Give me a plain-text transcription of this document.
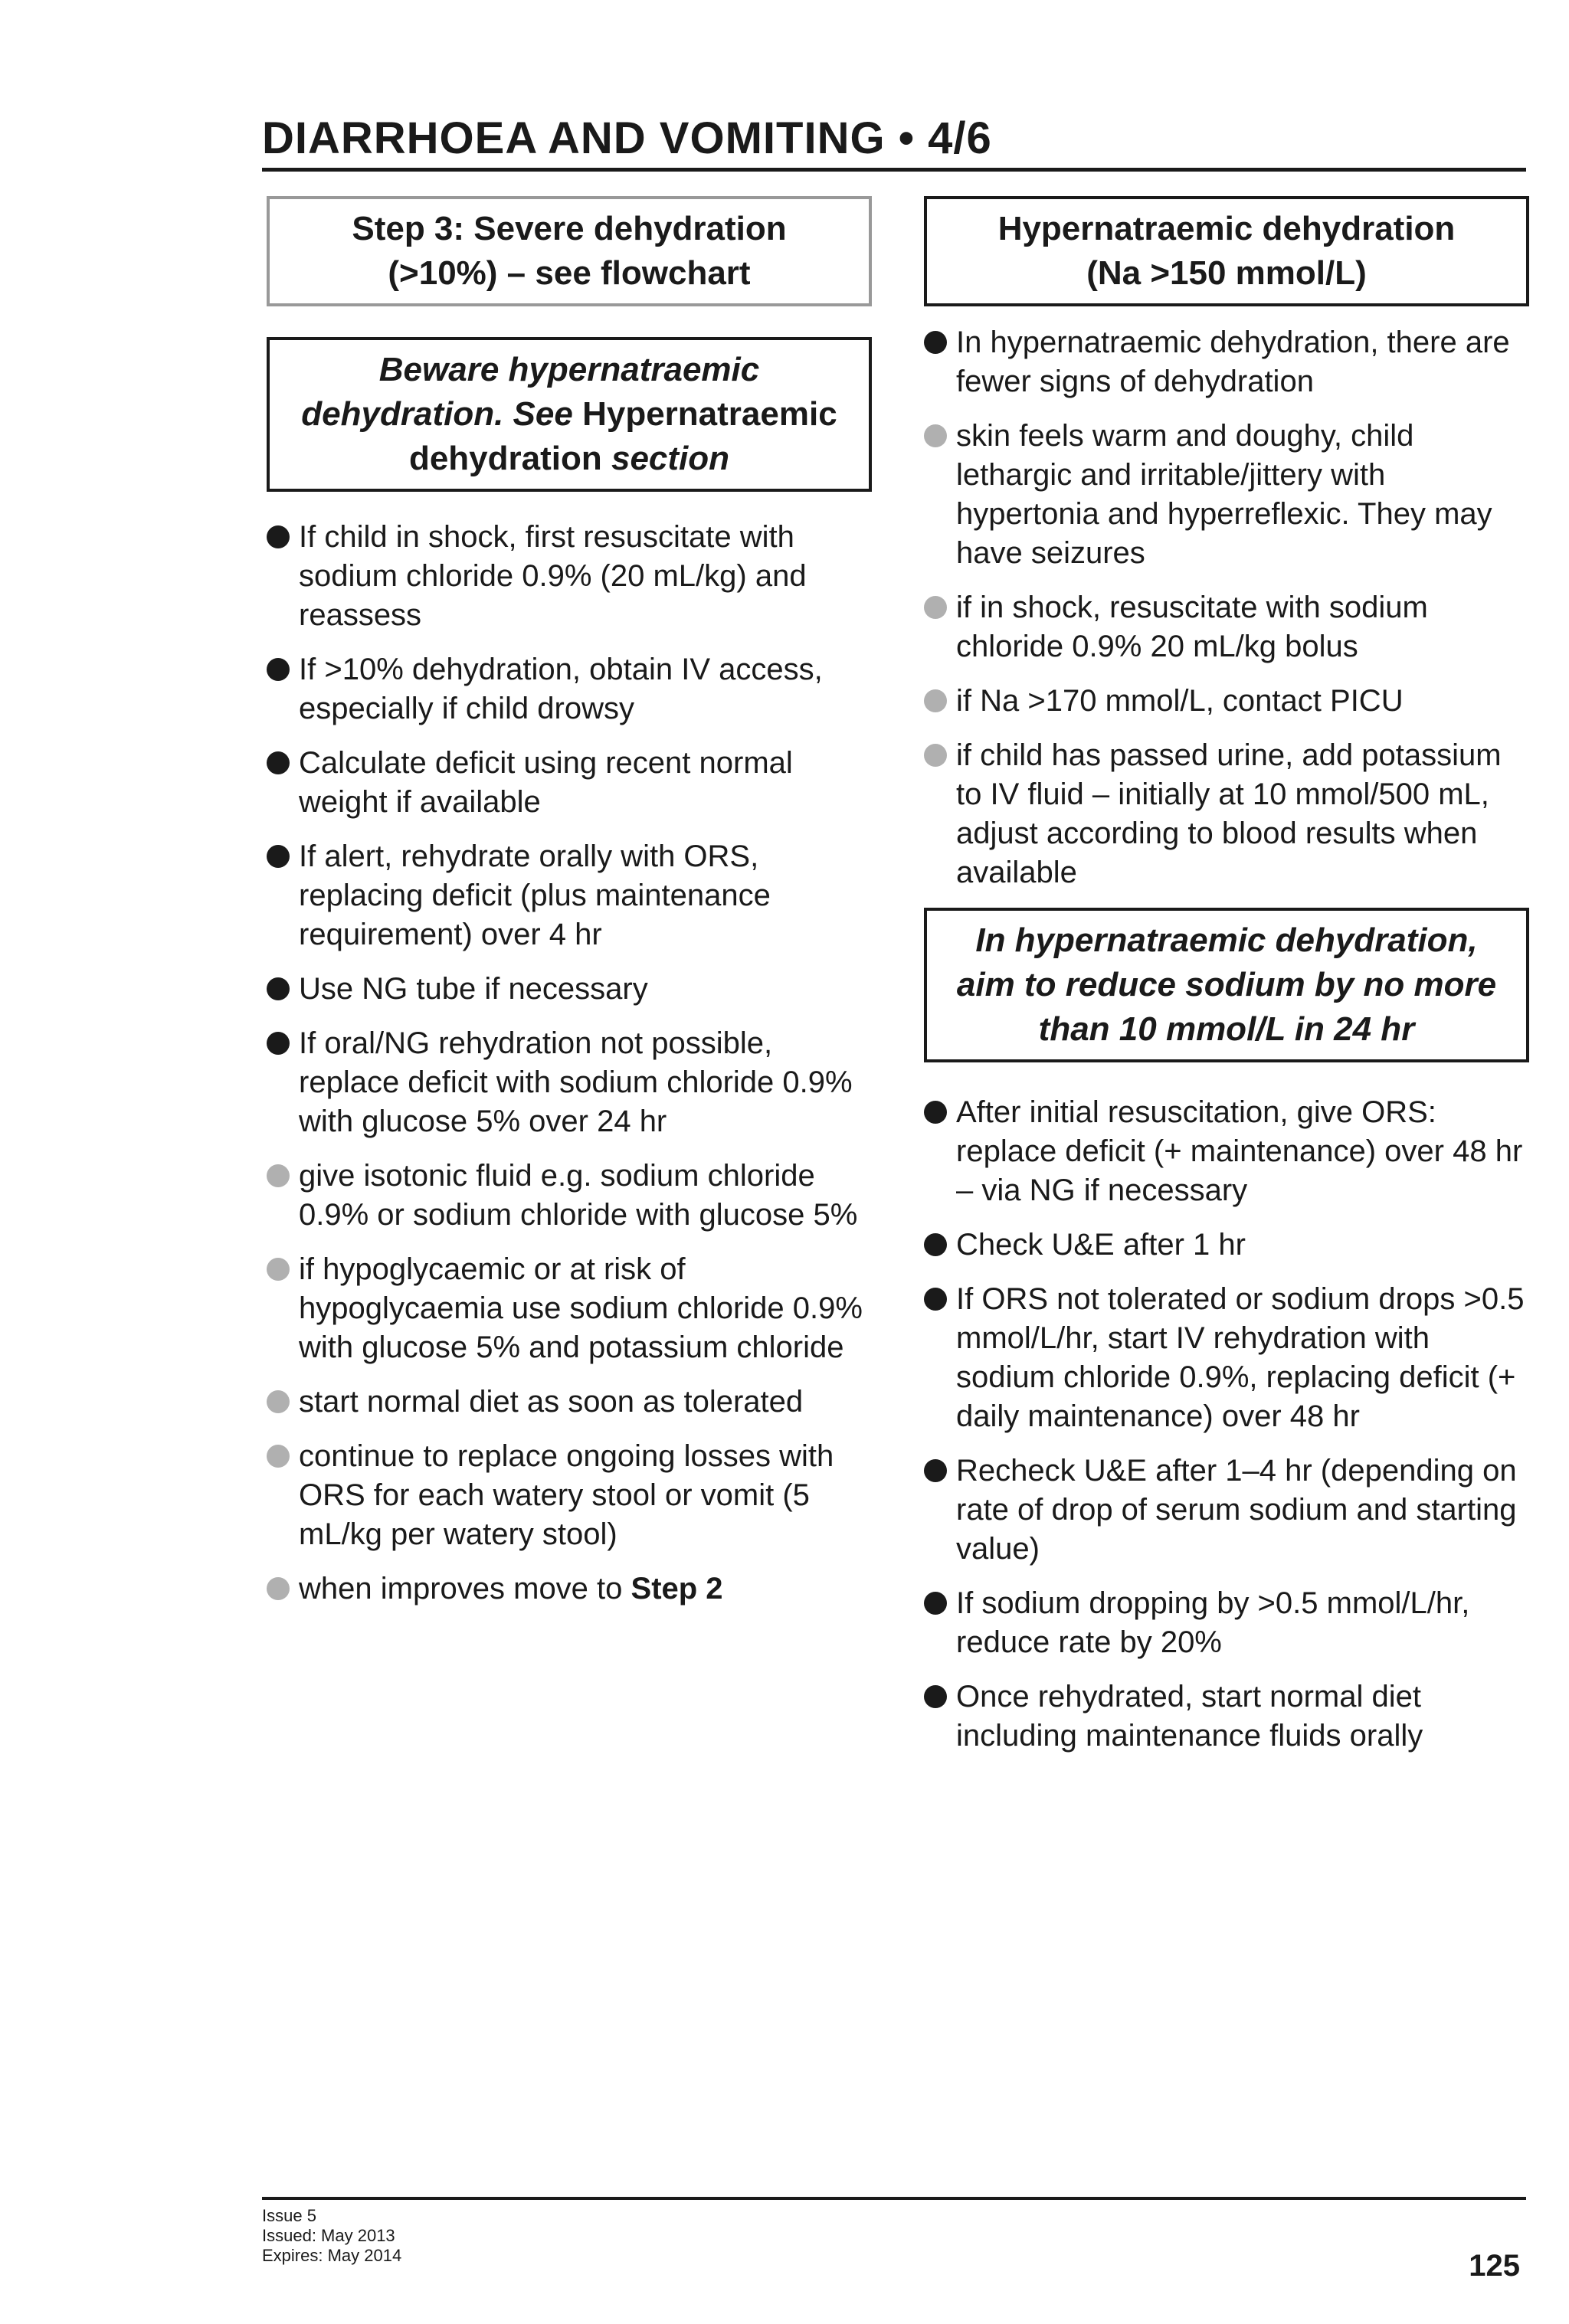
DIARRHOEA AND VOMITING • 4/6
Step 3: Severe dehydration
(>10%) – see flowchart
Beware hypernatraemic
dehydration. See Hypernatraemic
dehydration section
If child in shock, first resuscitate with sodium chloride 0.9% (20 mL/kg) and reassess
If >10% dehydration, obtain IV access, especially if child drowsy
Calculate deficit using recent normal weight if available
If alert, rehydrate orally with ORS, replacing deficit (plus maintenance requirement) over 4 hr
Use NG tube if necessary
If oral/NG rehydration not possible, replace deficit with sodium chloride 0.9% with glucose 5% over 24 hr
give isotonic fluid e.g. sodium chloride 0.9% or sodium chloride with glucose 5%
if hypoglycaemic or at risk of hypoglycaemia use sodium chloride 0.9% with glucose 5% and potassium chloride
start normal diet as soon as tolerated
continue to replace ongoing losses with ORS for each watery stool or vomit (5 mL/kg per watery stool)
when improves move to Step 2
Hypernatraemic dehydration
(Na >150 mmol/L)
In hypernatraemic dehydration, there are fewer signs of dehydration
skin feels warm and doughy, child lethargic and irritable/jittery with hypertonia and hyperreflexic. They may have seizures
if in shock, resuscitate with sodium chloride 0.9% 20 mL/kg bolus
if Na >170 mmol/L, contact PICU
if child has passed urine, add potassium to IV fluid – initially at 10 mmol/500 mL, adjust according to blood results when available
In hypernatraemic dehydration,
aim to reduce sodium by no more
than 10 mmol/L in 24 hr
After initial resuscitation, give ORS: replace deficit (+ maintenance) over 48 hr – via NG if necessary
Check U&E after 1 hr
If ORS not tolerated or sodium drops >0.5 mmol/L/hr, start IV rehydration with sodium chloride 0.9%, replacing deficit (+ daily maintenance) over 48 hr
Recheck U&E after 1–4 hr (depending on rate of drop of serum sodium and starting value)
If sodium dropping by >0.5 mmol/L/hr, reduce rate by 20%
Once rehydrated, start normal diet including maintenance fluids orally
Issue 5
Issued: May 2013
Expires: May 2014	125
